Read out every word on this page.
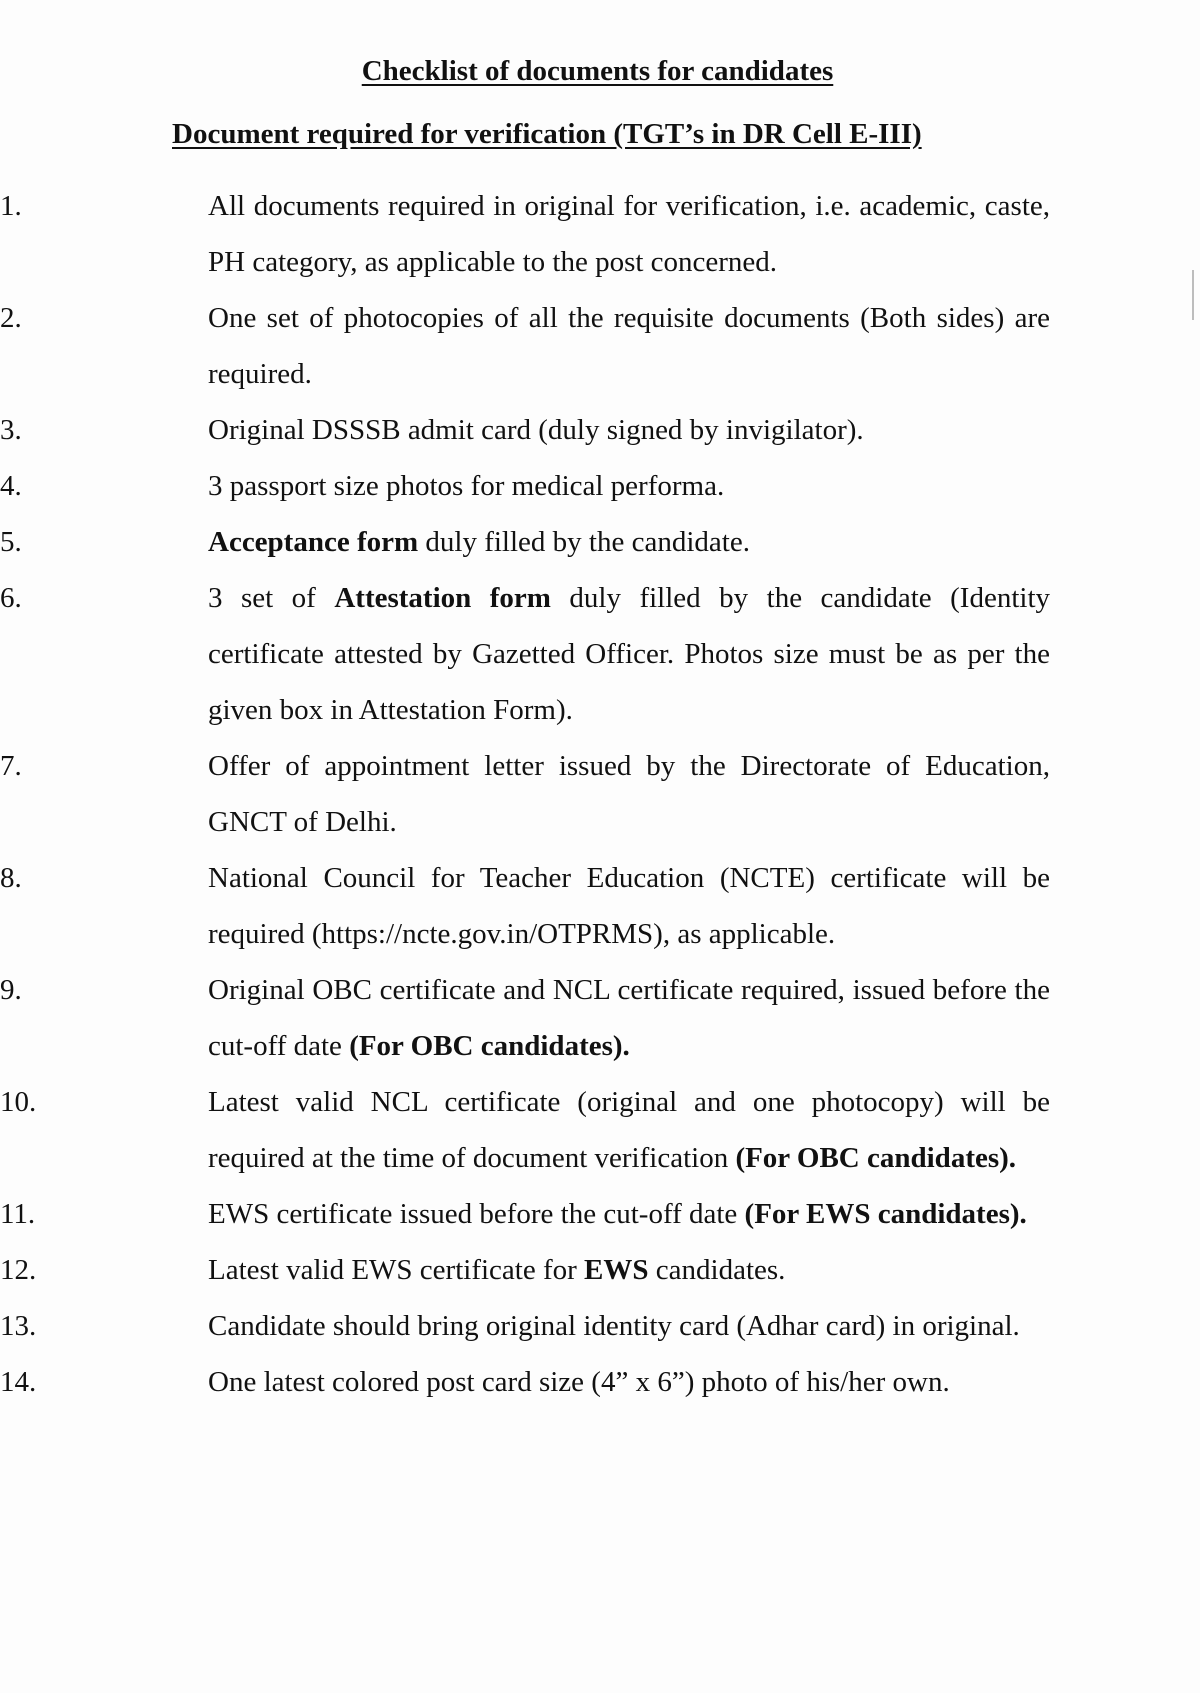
Checklist of documents for candidates
Document required for verification (TGT’s in DR Cell E-III)
1.	All documents required in original for verification, i.e. academic, caste, PH category, as applicable to the post concerned.
2.	One set of photocopies of all the requisite documents (Both sides) are required.
3.	Original DSSSB admit card (duly signed by invigilator).
4.	3 passport size photos for medical performa.
5.	Acceptance form duly filled by the candidate.
6.	3 set of Attestation form duly filled by the candidate (Identity certificate attested by Gazetted Officer. Photos size must be as per the given box in Attestation Form).
7.	Offer of appointment letter issued by the Directorate of Education, GNCT of Delhi.
8.	National Council for Teacher Education (NCTE) certificate will be required (https://ncte.gov.in/OTPRMS), as applicable.
9.	Original OBC certificate and NCL certificate required, issued before the cut-off date (For OBC candidates).
10.	Latest valid NCL certificate (original and one photocopy) will be required at the time of document verification (For OBC candidates).
11.	EWS certificate issued before the cut-off date (For EWS candidates).
12.	Latest valid EWS certificate for EWS candidates.
13.	Candidate should bring original identity card (Adhar card) in original.
14.	One latest colored post card size (4” x 6”) photo of his/her own.
